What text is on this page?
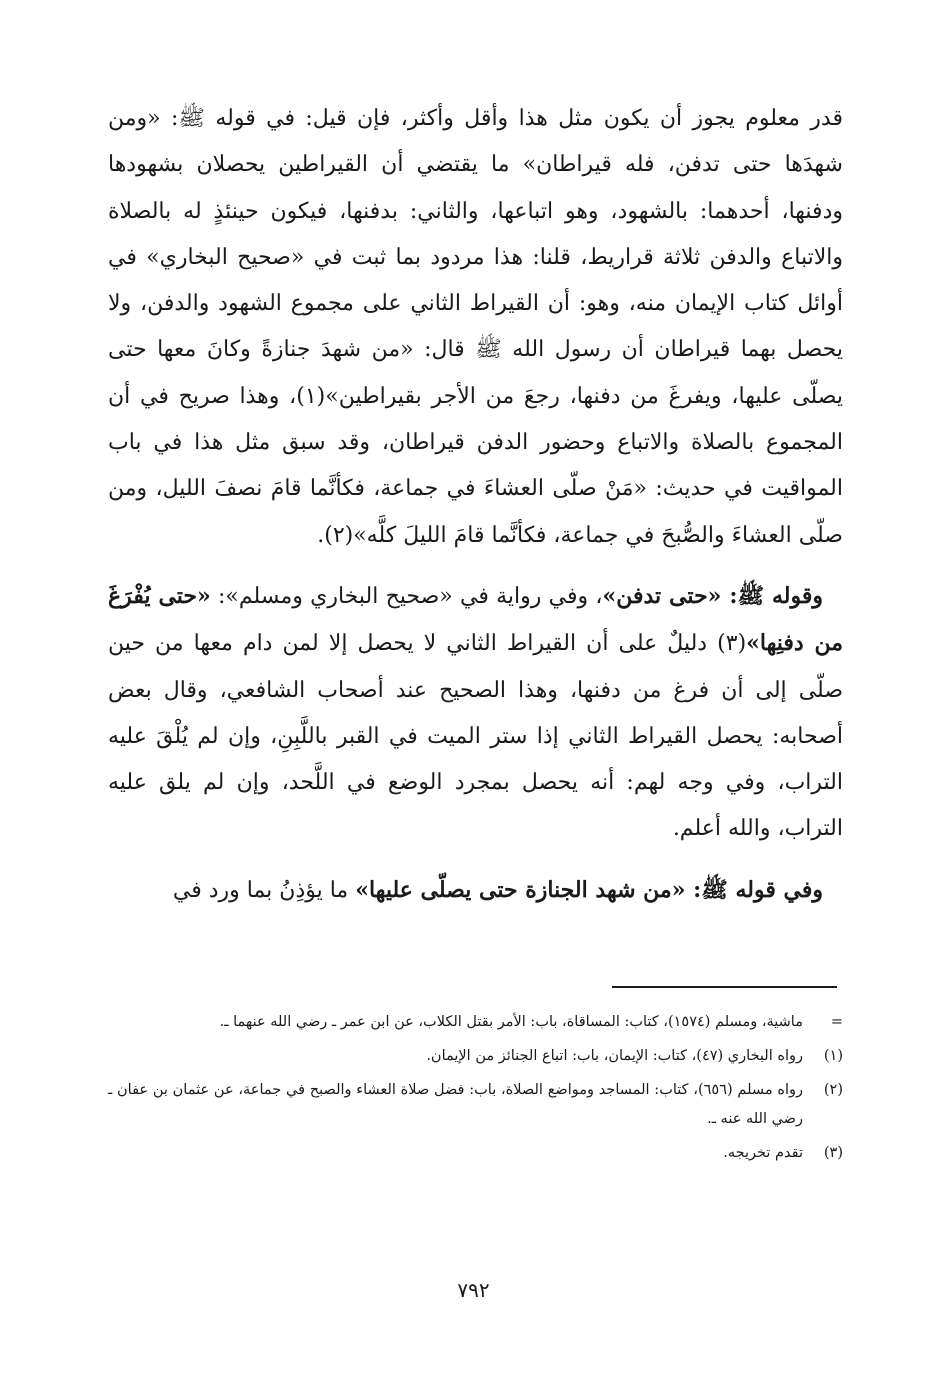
قدر معلوم يجوز أن يكون مثل هذا وأقل وأكثر، فإن قيل: في قوله ﷺ: «ومن شهدَها حتى تدفن، فله قيراطان» ما يقتضي أن القيراطين يحصلان بشهودها ودفنها، أحدهما: بالشهود، وهو اتباعها، والثاني: بدفنها، فيكون حينئذٍ له بالصلاة والاتباع والدفن ثلاثة قراريط، قلنا: هذا مردود بما ثبت في «صحيح البخاري» في أوائل كتاب الإيمان منه، وهو: أن القيراط الثاني على مجموع الشهود والدفن، ولا يحصل بهما قيراطان أن رسول الله ﷺ قال: «من شهدَ جنازةً وكانَ معها حتى يصلّى عليها، ويفرغَ من دفنها، رجعَ من الأجر بقيراطين»(١)، وهذا صريح في أن المجموع بالصلاة والاتباع وحضور الدفن قيراطان، وقد سبق مثل هذا في باب المواقيت في حديث: «مَنْ صلّى العشاءَ في جماعة، فكأنَّما قامَ نصفَ الليل، ومن صلّى العشاءَ والصُّبحَ في جماعة، فكأنَّما قامَ الليلَ كلَّه»(٢).

وقوله ﷺ: «حتى تدفن»، وفي رواية في «صحيح البخاري ومسلم»: «حتى يُفْرَغَ من دفنِها»(٣) دليلٌ على أن القيراط الثاني لا يحصل إلا لمن دام معها من حين صلّى إلى أن فرغ من دفنها، وهذا الصحيح عند أصحاب الشافعي، وقال بعض أصحابه: يحصل القيراط الثاني إذا ستر الميت في القبر باللَّبِنِ، وإن لم يُلْقَ عليه التراب، وفي وجه لهم: أنه يحصل بمجرد الوضع في اللَّحد، وإن لم يلق عليه التراب، والله أعلم.

وفي قوله ﷺ: «من شهد الجنازة حتى يصلّى عليها» ما يؤذِنُ بما ورد في

=
ماشية، ومسلم (١٥٧٤)، كتاب: المساقاة، باب: الأمر بقتل الكلاب، عن ابن عمر ـ رضي الله عنهما ـ.
(١)
رواه البخاري (٤٧)، كتاب: الإيمان، باب: اتباع الجنائز من الإيمان.
(٢)
رواه مسلم (٦٥٦)، كتاب: المساجد ومواضع الصلاة، باب: فضل صلاة العشاء والصبح في جماعة، عن عثمان بن عفان ـ رضي الله عنه ـ.
(٣)
تقدم تخريجه.
٧٩٢
